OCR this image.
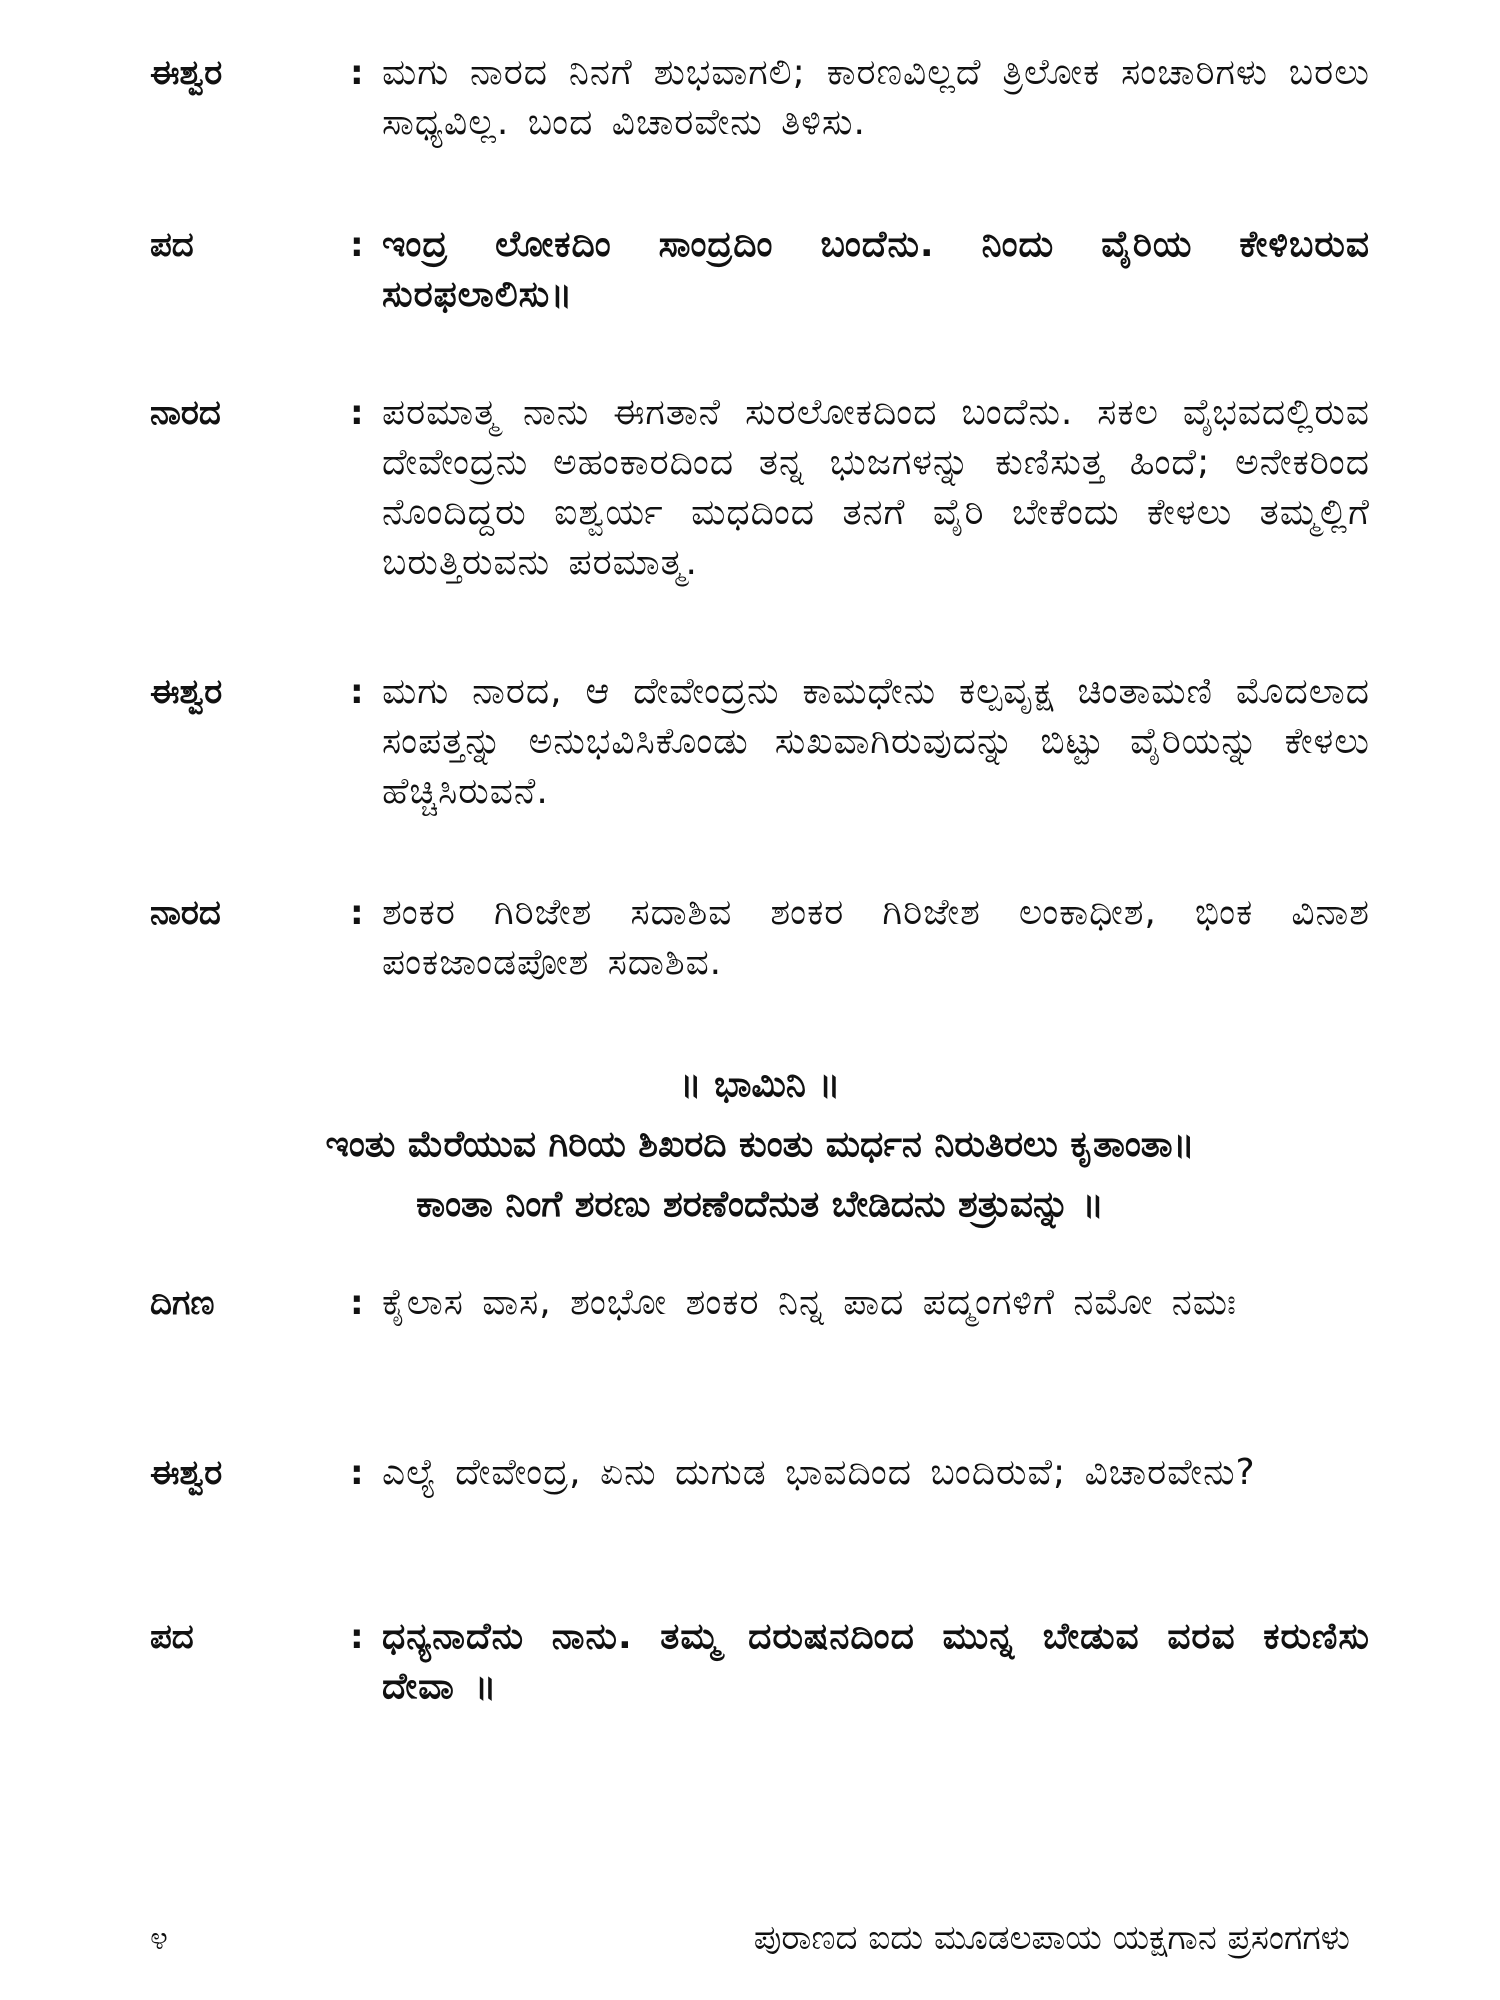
ಈಶ್ವರ	: ಮಗು ನಾರದ ನಿನಗೆ ಶುಭವಾಗಲಿ; ಕಾರಣವಿಲ್ಲದೆ ತ್ರಿಲೋಕ ಸಂಚಾರಿಗಳು ಬರಲು ಸಾಧ್ಯವಿಲ್ಲ. ಬಂದ ವಿಚಾರವೇನು ತಿಳಿಸು.
ಪದ	: ಇಂದ್ರ ಲೋಕದಿಂ ಸಾಂದ್ರದಿಂ ಬಂದೆನು. ನಿಂದು ವೈರಿಯ ಕೇಳಿಬರುವ ಸುರಫಲಾಲಿಸು॥
ನಾರದ	: ಪರಮಾತ್ಮ ನಾನು ಈಗತಾನೆ ಸುರಲೋಕದಿಂದ ಬಂದೆನು. ಸಕಲ ವೈಭವದಲ್ಲಿರುವ ದೇವೇಂದ್ರನು ಅಹಂಕಾರದಿಂದ ತನ್ನ ಭುಜಗಳನ್ನು ಕುಣಿಸುತ್ತ ಹಿಂದೆ; ಅನೇಕರಿಂದ ನೊಂದಿದ್ದರು ಐಶ್ವರ್ಯ ಮಧದಿಂದ ತನಗೆ ವೈರಿ ಬೇಕೆಂದು ಕೇಳಲು ತಮ್ಮಲ್ಲಿಗೆ ಬರುತ್ತಿರುವನು ಪರಮಾತ್ಮ.
ಈಶ್ವರ	: ಮಗು ನಾರದ, ಆ ದೇವೇಂದ್ರನು ಕಾಮಧೇನು ಕಲ್ಪವೃಕ್ಷ ಚಿಂತಾಮಣಿ ಮೊದಲಾದ ಸಂಪತ್ತನ್ನು ಅನುಭವಿಸಿಕೊಂಡು ಸುಖವಾಗಿರುವುದನ್ನು ಬಿಟ್ಟು ವೈರಿಯನ್ನು ಕೇಳಲು ಹೆಚ್ಚಿಸಿರುವನೆ.
ನಾರದ	: ಶಂಕರ ಗಿರಿಜೇಶ ಸದಾಶಿವ ಶಂಕರ ಗಿರಿಜೇಶ ಲಂಕಾಧೀಶ, ಭಿಂಕ ವಿನಾಶ ಪಂಕಜಾಂಡಪೋಶ ಸದಾಶಿವ.
॥ ಭಾಮಿನಿ ॥
ಇಂತು ಮೆರೆಯುವ ಗಿರಿಯ ಶಿಖರದಿ ಕುಂತು ಮರ್ಧನ ನಿರುತಿರಲು ಕೃತಾಂತಾ॥
ಕಾಂತಾ ನಿಂಗೆ ಶರಣು ಶರಣೆಂದೆನುತ ಬೇಡಿದನು ಶತ್ರುವನ್ನು ॥
ದಿಗಣ	: ಕೈಲಾಸ ವಾಸ, ಶಂಭೋ ಶಂಕರ ನಿನ್ನ ಪಾದ ಪದ್ಮಂಗಳಿಗೆ ನಮೋ ನಮಃ
ಈಶ್ವರ	: ಎಲ್ಯೆ ದೇವೇಂದ್ರ, ಏನು ದುಗುಡ ಭಾವದಿಂದ ಬಂದಿರುವೆ; ವಿಚಾರವೇನು?
ಪದ	: ಧನ್ಯನಾದೆನು ನಾನು. ತಮ್ಮ ದರುಷನದಿಂದ ಮುನ್ನ ಬೇಡುವ ವರವ ಕರುಣಿಸು ದೇವಾ ॥
೪	ಪುರಾಣದ ಐದು ಮೂಡಲಪಾಯ ಯಕ್ಷಗಾನ ಪ್ರಸಂಗಗಳು
